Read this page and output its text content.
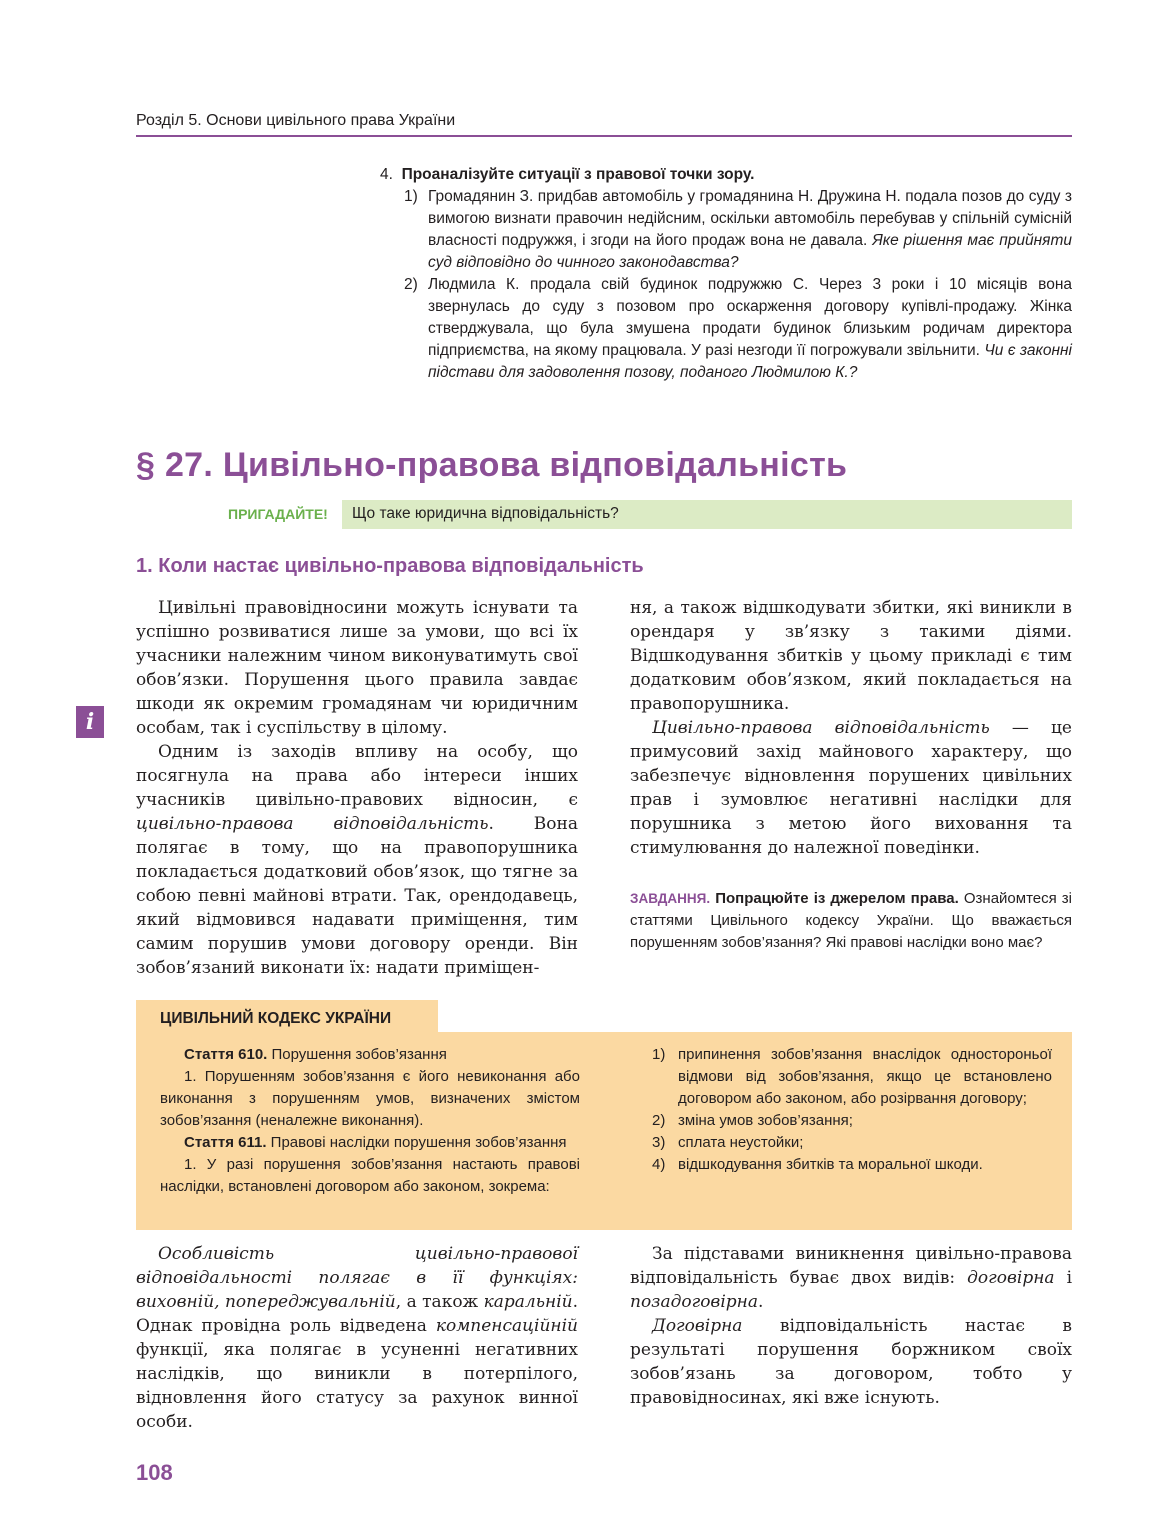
Розділ 5. Основи цивільного права України
4. Проаналізуйте ситуації з правової точки зору.
1) Громадянин З. придбав автомобіль у громадянина Н. Дружина Н. подала позов до суду з вимогою визнати правочин недійсним, оскільки автомобіль перебував у спільній сумісній власності подружжя, і згоди на його продаж вона не давала. Яке рішення має прийняти суд відповідно до чинного законодавства?
2) Людмила К. продала свій будинок подружжю С. Через 3 роки і 10 місяців вона звернулась до суду з позовом про оскарження договору купівлі-продажу. Жінка стверджувала, що була змушена продати будинок близьким родичам директора підприємства, на якому працювала. У разі незгоди її погрожували звільнити. Чи є законні підстави для задоволення позову, поданого Людмилою К.?
§ 27. Цивільно-правова відповідальність
ПРИГАДАЙТЕ! Що таке юридична відповідальність?
1. Коли настає цивільно-правова відповідальність
i

Цивільні правовідносини можуть існувати та успішно розвиватися лише за умови, що всі їх учасники належним чином виконуватимуть свої обов’язки. Порушення цього правила завдає шкоди як окремим громадянам чи юридичним особам, так і суспільству в цілому.

Одним із заходів впливу на особу, що посягнула на права або інтереси інших учасників цивільно-правових відносин, є цивільно-правова відповідальність. Вона полягає в тому, що на правопорушника покладається додатковий обов’язок, що тягне за собою певні майнові втрати. Так, орендодавець, який відмовився надавати приміщення, тим самим порушив умови договору оренди. Він зобов’язаний виконати їх: надати приміщен-

ня, а також відшкодувати збитки, які виникли в орендаря у зв’язку з такими діями. Відшкодування збитків у цьому прикладі є тим додатковим обов’язком, який покладається на правопорушника.

Цивільно-правова відповідальність — це примусовий захід майнового характеру, що забезпечує відновлення порушених цивільних прав і зумовлює негативні наслідки для порушника з метою його виховання та стимулювання до належної поведінки.

ЗАВДАННЯ. Попрацюйте із джерелом права. Ознайомтеся зі статтями Цивільного кодексу України. Що вважається порушенням зобов’язання? Які правові наслідки воно має?
ЦИВІЛЬНИЙ КОДЕКС УКРАЇНИ

Стаття 610. Порушення зобов’язання

1. Порушенням зобов’язання є його невиконання або виконання з порушенням умов, визначених змістом зобов’язання (неналежне виконання).

Стаття 611. Правові наслідки порушення зобов’язання

1. У разі порушення зобов’язання настають правові наслідки, встановлені договором або законом, зокрема:

1) припинення зобов’язання внаслідок одностороньої відмови від зобов’язання, якщо це встановлено договором або законом, або розірвання договору;
2) зміна умов зобов’язання;
3) сплата неустойки;
4) відшкодування збитків та моральної шкоди.

Особливість цивільно-правової відповідальності полягає в її функціях: виховній, попереджувальній, а також каральній. Однак провідна роль відведена компенсаційній функції, яка полягає в усуненні негативних наслідків, що виникли в потерпілого, відновлення його статусу за рахунок винної особи.

За підставами виникнення цивільно-правова відповідальність буває двох видів: договірна і позадоговірна.

Договірна відповідальність настає в результаті порушення боржником своїх зобов’язань за договором, тобто у правовідносинах, які вже існують.

108
